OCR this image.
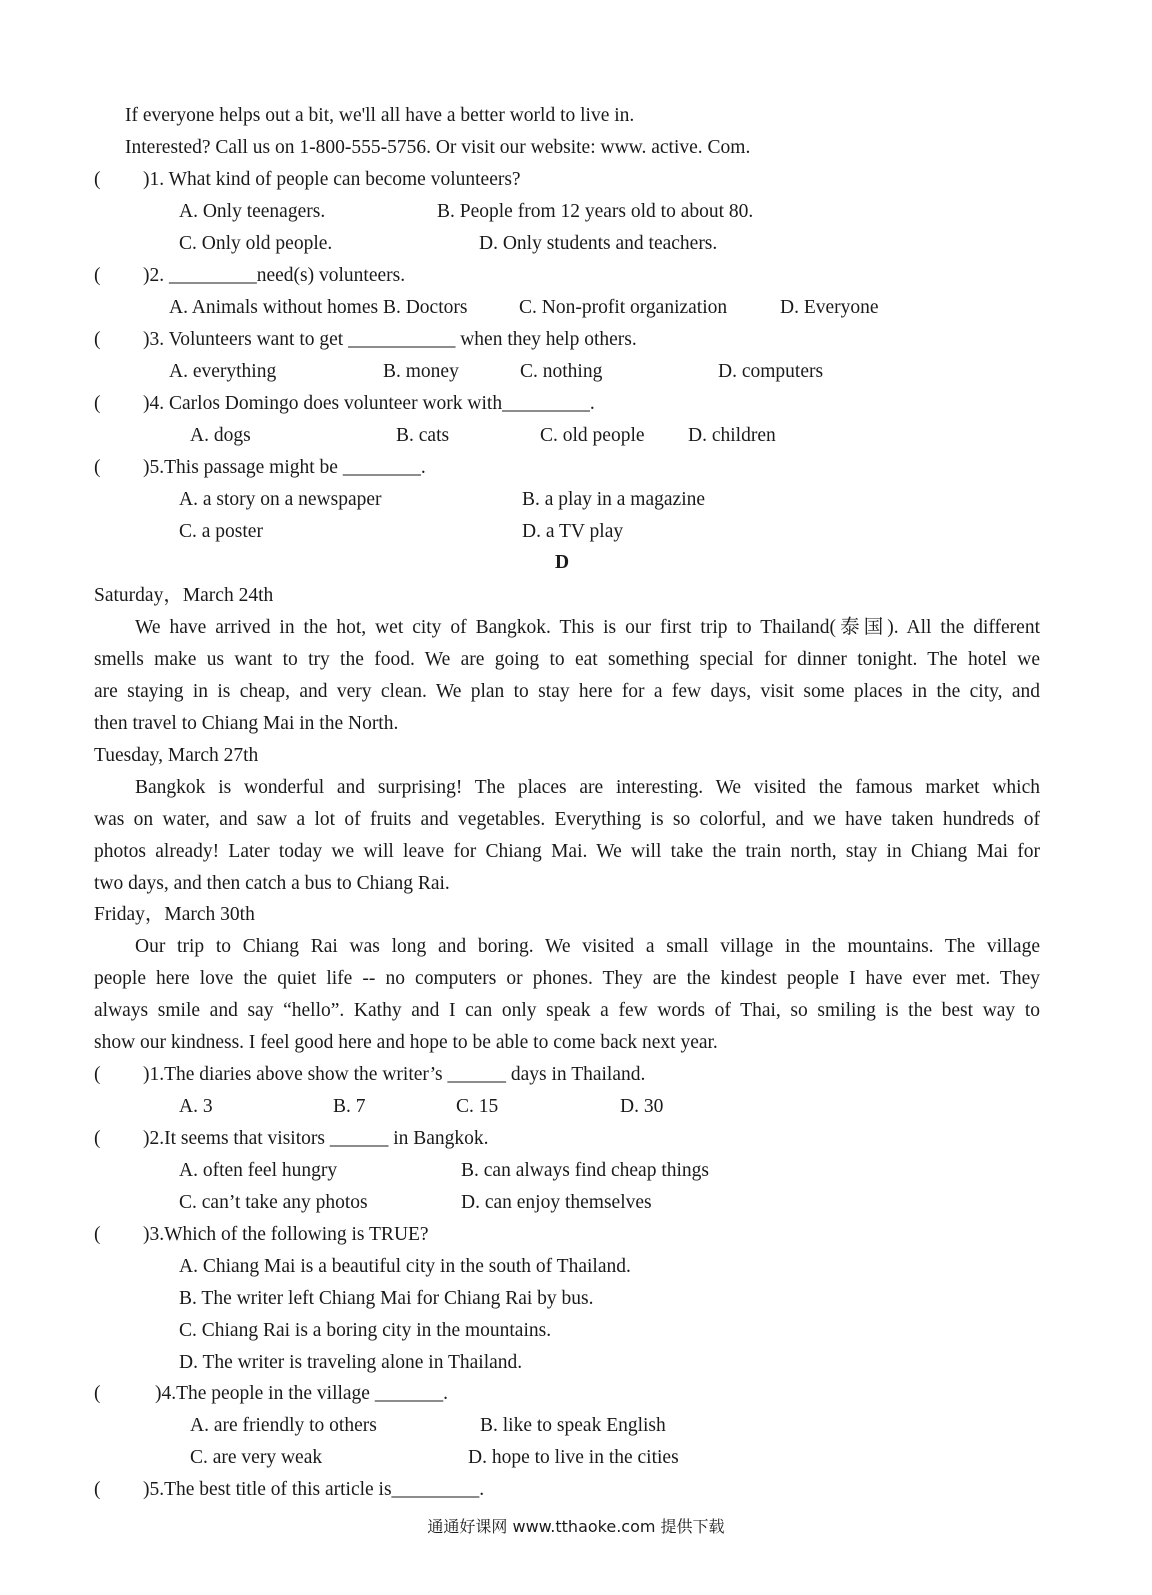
If everyone helps out a bit, we'll all have a better world to live in.
Interested? Call us on 1-800-555-5756. Or visit our website: www. active. Com.
( )1. What kind of people can become volunteers?
A. Only teenagers.	B. People from 12 years old to about 80.
C. Only old people.	D. Only students and teachers.
( )2. _________need(s) volunteers.
A. Animals without homes B. Doctors	C. Non-profit organization	D. Everyone
( )3. Volunteers want to get ___________ when they help others.
A. everything	B. money	C. nothing	D. computers
( )4. Carlos Domingo does volunteer work with_________.
A. dogs	B. cats	C. old people D. children
( )5.This passage might be ________.
A. a story on a newspaper	B. a play in a magazine
C. a poster	D. a TV play
D
Saturday，March 24th
We have arrived in the hot, wet city of Bangkok. This is our first trip to Thailand(泰国). All the different
smells make us want to try the food. We are going to eat something special for dinner tonight. The hotel we
are staying in is cheap, and very clean. We plan to stay here for a few days, visit some places in the city, and
then travel to Chiang Mai in the North.
Tuesday, March 27th
Bangkok is wonderful and surprising! The places are interesting. We visited the famous market which
was on water, and saw a lot of fruits and vegetables. Everything is so colorful, and we have taken hundreds of
photos already! Later today we will leave for Chiang Mai. We will take the train north, stay in Chiang Mai for
two days, and then catch a bus to Chiang Rai.
Friday，March 30th
Our trip to Chiang Rai was long and boring. We visited a small village in the mountains. The village
people here love the quiet life -- no computers or phones. They are the kindest people I have ever met. They
always smile and say “hello”. Kathy and I can only speak a few words of Thai, so smiling is the best way to
show our kindness. I feel good here and hope to be able to come back next year.
( )1.The diaries above show the writer’s ______ days in Thailand.
A. 3	B. 7	C. 15	D. 30
( )2.It seems that visitors ______ in Bangkok.
A. often feel hungry	B. can always find cheap things
C. can’t take any photos	D. can enjoy themselves
( )3.Which of the following is TRUE?
A. Chiang Mai is a beautiful city in the south of Thailand.
B. The writer left Chiang Mai for Chiang Rai by bus.
C. Chiang Rai is a boring city in the mountains.
D. The writer is traveling alone in Thailand.
(	)4.The people in the village _______.
A. are friendly to others	B. like to speak English
C. are very weak	D. hope to live in the cities
( )5.The best title of this article is_________.
通通好课网 www.tthaoke.com 提供下载
